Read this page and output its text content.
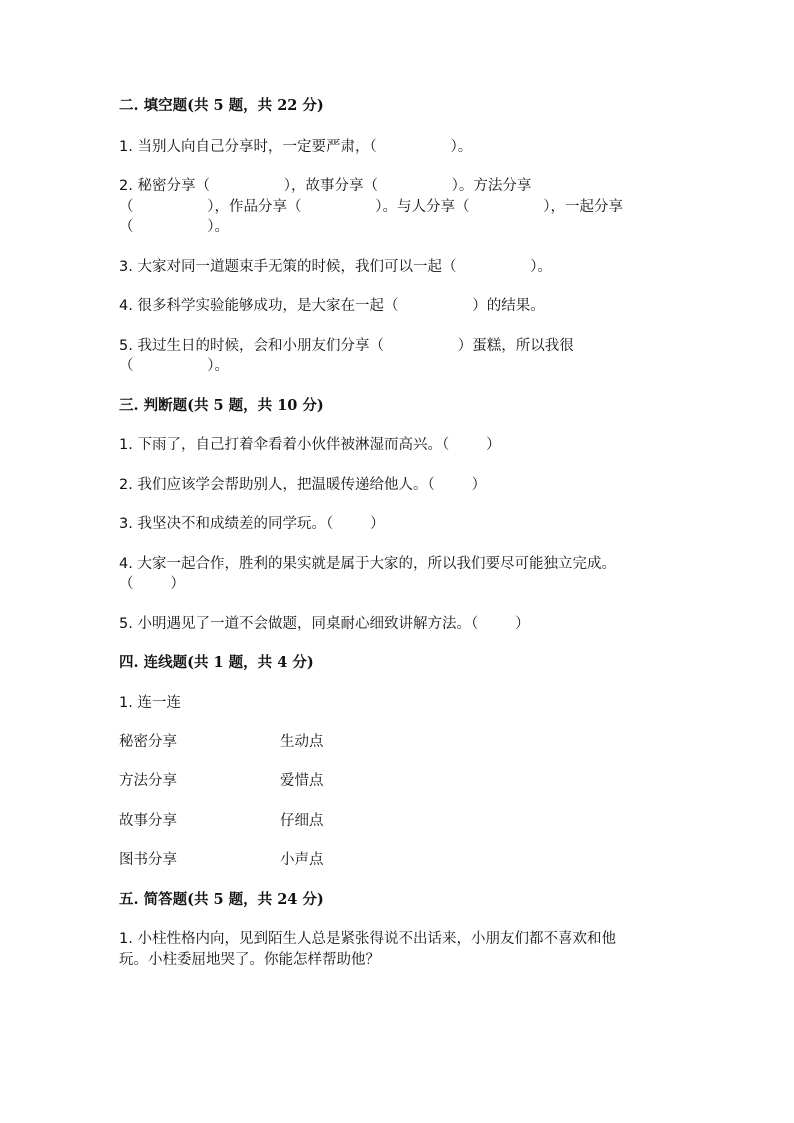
二. 填空题(共 5 题，共 22 分)
1. 当别人向自己分享时，一定要严肃，（                ）。
2. 秘密分享（                ），故事分享（                ）。方法分享
（                ），作品分享（                ）。与人分享（                ），一起分享
（                ）。
3. 大家对同一道题束手无策的时候，我们可以一起（                ）。
4. 很多科学实验能够成功，是大家在一起（                ）的结果。
5. 我过生日的时候，会和小朋友们分享（                ）蛋糕，所以我很
（                ）。
三. 判断题(共 5 题，共 10 分)
1. 下雨了，自己打着伞看着小伙伴被淋湿而高兴。（        ）
2. 我们应该学会帮助别人，把温暖传递给他人。（        ）
3. 我坚决不和成绩差的同学玩。（        ）
4. 大家一起合作，胜利的果实就是属于大家的，所以我们要尽可能独立完成。
（        ）
5. 小明遇见了一道不会做题，同桌耐心细致讲解方法。（        ）
四. 连线题(共 1 题，共 4 分)
1. 连一连
秘密分享	生动点
方法分享	爱惜点
故事分享	仔细点
图书分享	小声点
五. 简答题(共 5 题，共 24 分)
1. 小柱性格内向，见到陌生人总是紧张得说不出话来，小朋友们都不喜欢和他
玩。小柱委屈地哭了。你能怎样帮助他？
